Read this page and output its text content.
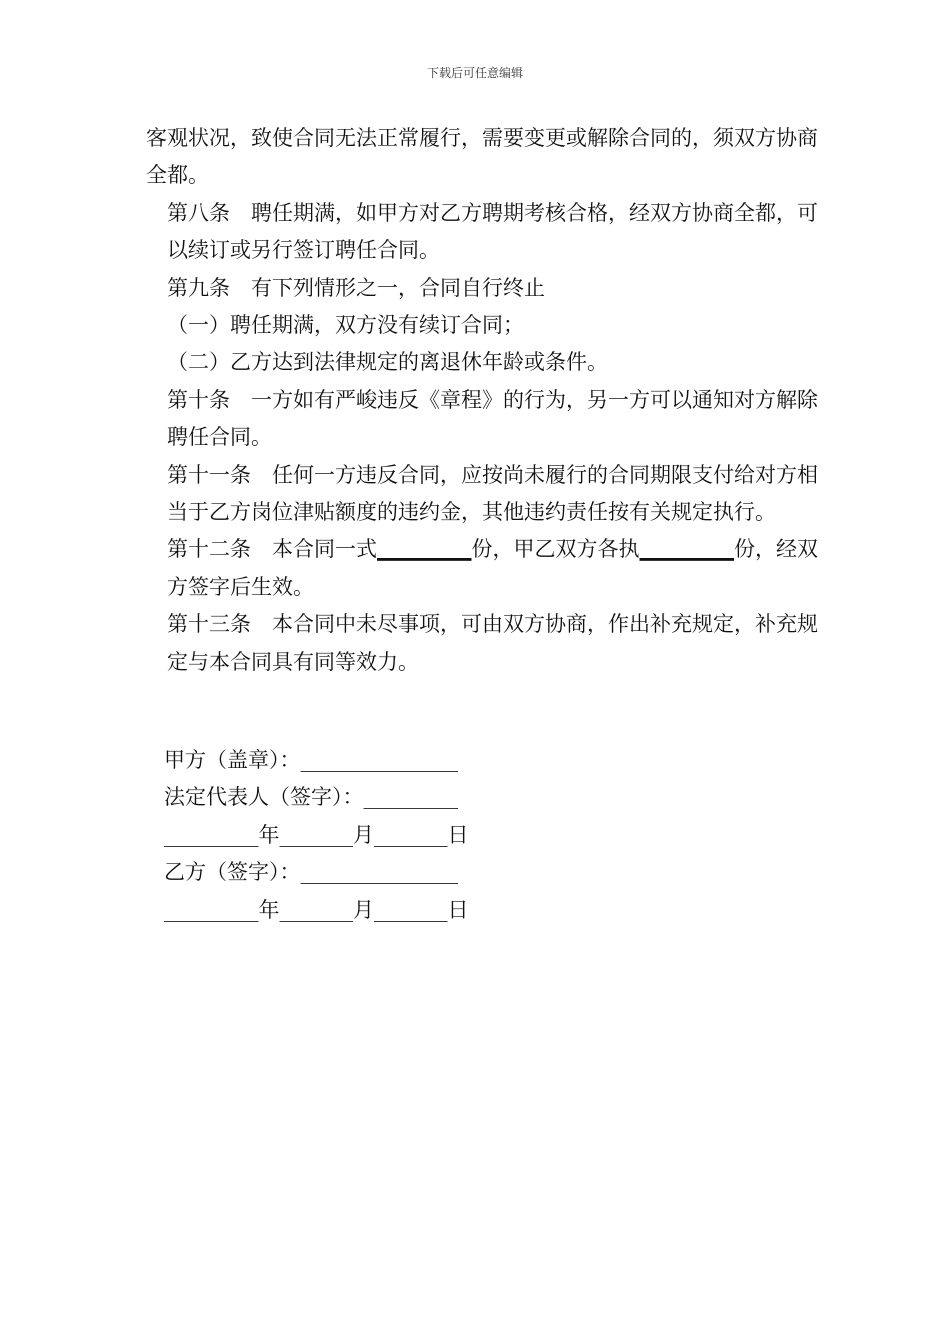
下载后可任意编辑

客观状况，致使合同无法正常履行，需要变更或解除合同的，须双方协商全都。

第八条 聘任期满，如甲方对乙方聘期考核合格，经双方协商全都，可以续订或另行签订聘任合同。

第九条 有下列情形之一，合同自行终止

（一）聘任期满，双方没有续订合同；

（二）乙方达到法律规定的离退休年龄或条件。

第十条 一方如有严峻违反《章程》的行为，另一方可以通知对方解除聘任合同。

第十一条 任何一方违反合同，应按尚未履行的合同期限支付给对方相当于乙方岗位津贴额度的违约金，其他违约责任按有关规定执行。

第十二条 本合同一式_________份，甲乙双方各执_________份，经双方签字后生效。

第十三条 本合同中未尽事项，可由双方协商，作出补充规定，补充规定与本合同具有同等效力。

甲方（盖章）：_______________
法定代表人（签字）：_________
_________年_______月_______日
乙方（签字）：_______________
_________年_______月_______日
